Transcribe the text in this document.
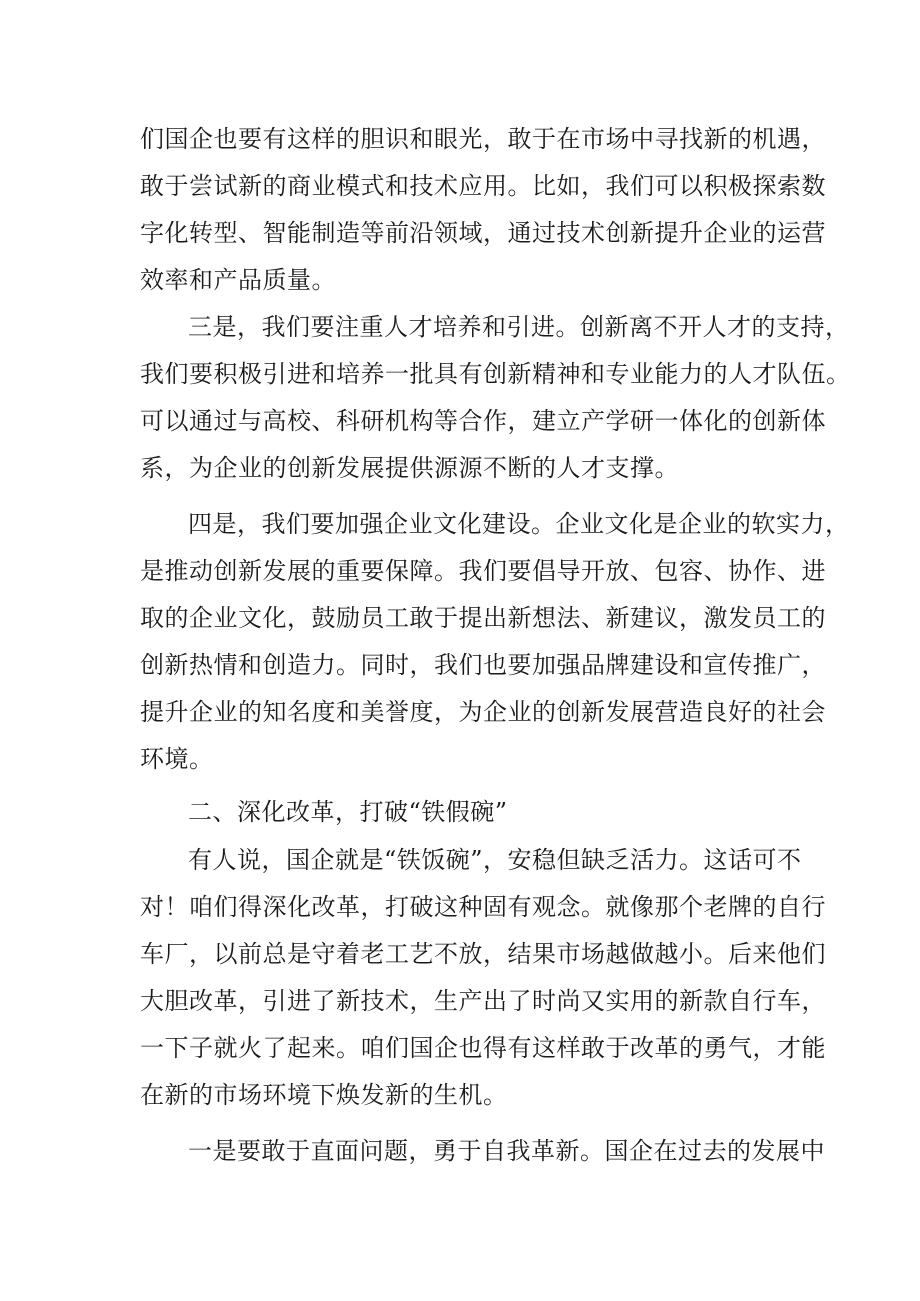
们国企也要有这样的胆识和眼光，敢于在市场中寻找新的机遇，
敢于尝试新的商业模式和技术应用。比如，我们可以积极探索数
字化转型、智能制造等前沿领域，通过技术创新提升企业的运营
效率和产品质量。
三是，我们要注重人才培养和引进。创新离不开人才的支持，
我们要积极引进和培养一批具有创新精神和专业能力的人才队伍。
可以通过与高校、科研机构等合作，建立产学研一体化的创新体
系，为企业的创新发展提供源源不断的人才支撑。
四是，我们要加强企业文化建设。企业文化是企业的软实力，
是推动创新发展的重要保障。我们要倡导开放、包容、协作、进
取的企业文化，鼓励员工敢于提出新想法、新建议，激发员工的
创新热情和创造力。同时，我们也要加强品牌建设和宣传推广，
提升企业的知名度和美誉度，为企业的创新发展营造良好的社会
环境。
二、深化改革，打破“铁假碗”
有人说，国企就是“铁饭碗”，安稳但缺乏活力。这话可不
对！咱们得深化改革，打破这种固有观念。就像那个老牌的自行
车厂，以前总是守着老工艺不放，结果市场越做越小。后来他们
大胆改革，引进了新技术，生产出了时尚又实用的新款自行车，
一下子就火了起来。咱们国企也得有这样敢于改革的勇气，才能
在新的市场环境下焕发新的生机。
一是要敢于直面问题，勇于自我革新。国企在过去的发展中
